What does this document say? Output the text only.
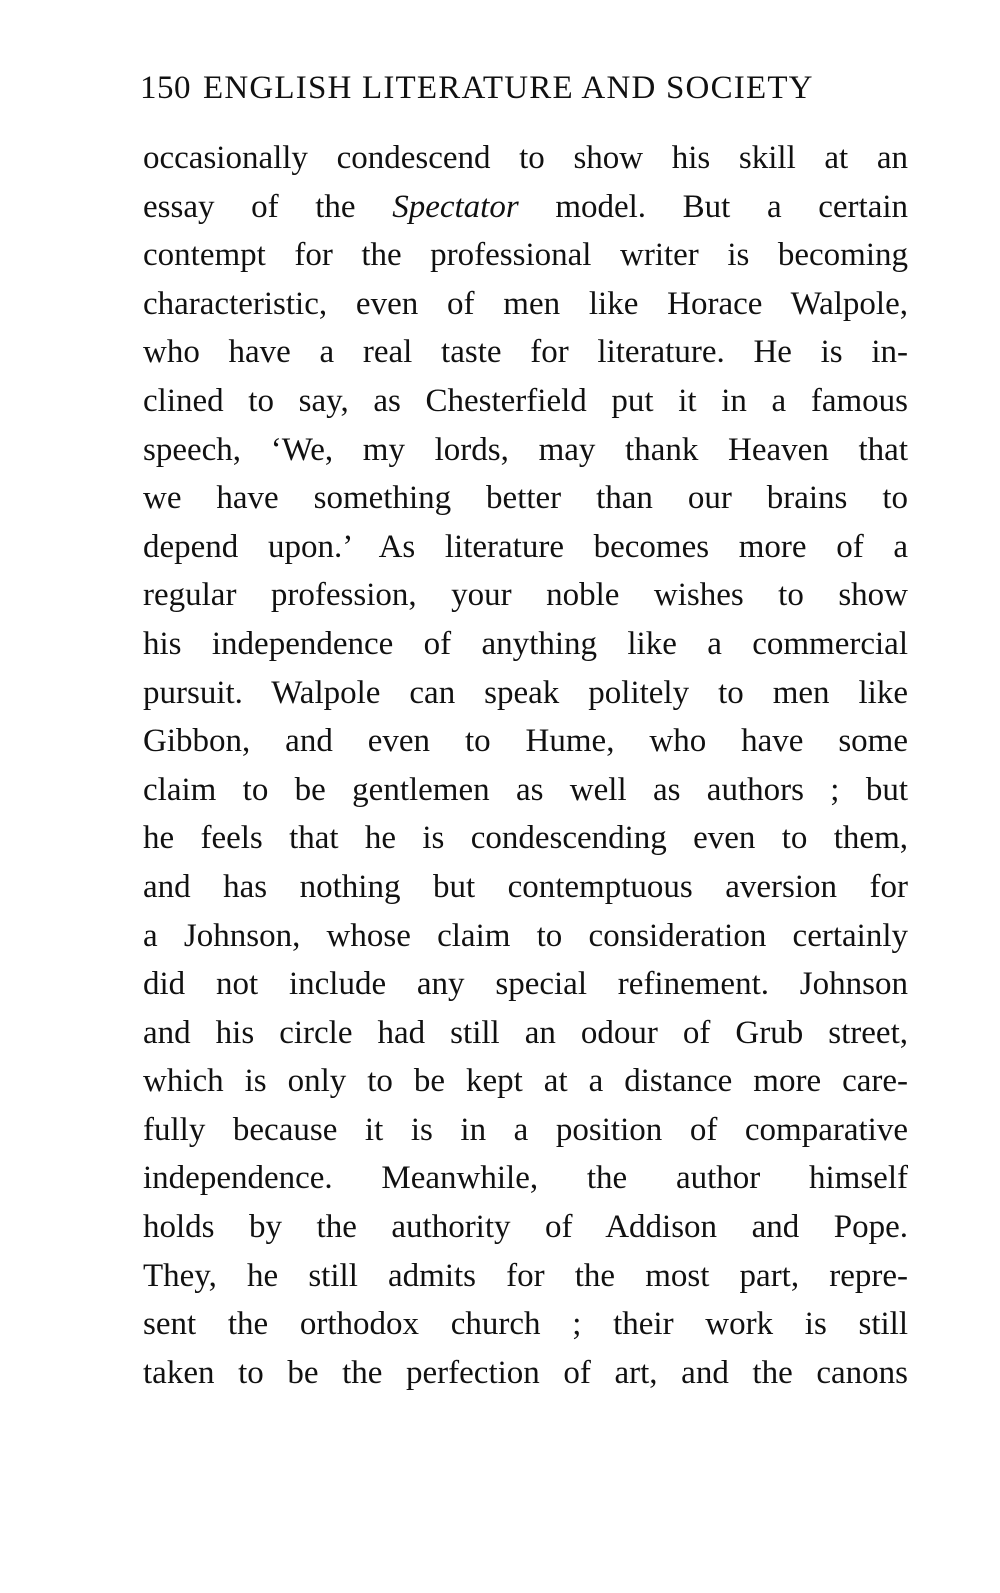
150 ENGLISH LITERATURE AND SOCIETY
occasionally condescend to show his skill at an
essay of the Spectator model. But a certain
contempt for the professional writer is becoming
characteristic, even of men like Horace Walpole,
who have a real taste for literature. He is in-
clined to say, as Chesterfield put it in a famous
speech, ‘We, my lords, may thank Heaven that
we have something better than our brains to
depend upon.’ As literature becomes more of a
regular profession, your noble wishes to show
his independence of anything like a commercial
pursuit. Walpole can speak politely to men like
Gibbon, and even to Hume, who have some
claim to be gentlemen as well as authors ; but
he feels that he is condescending even to them,
and has nothing but contemptuous aversion for
a Johnson, whose claim to consideration certainly
did not include any special refinement. Johnson
and his circle had still an odour of Grub street,
which is only to be kept at a distance more care-
fully because it is in a position of comparative
independence. Meanwhile, the author himself
holds by the authority of Addison and Pope.
They, he still admits for the most part, repre-
sent the orthodox church ; their work is still
taken to be the perfection of art, and the canons
